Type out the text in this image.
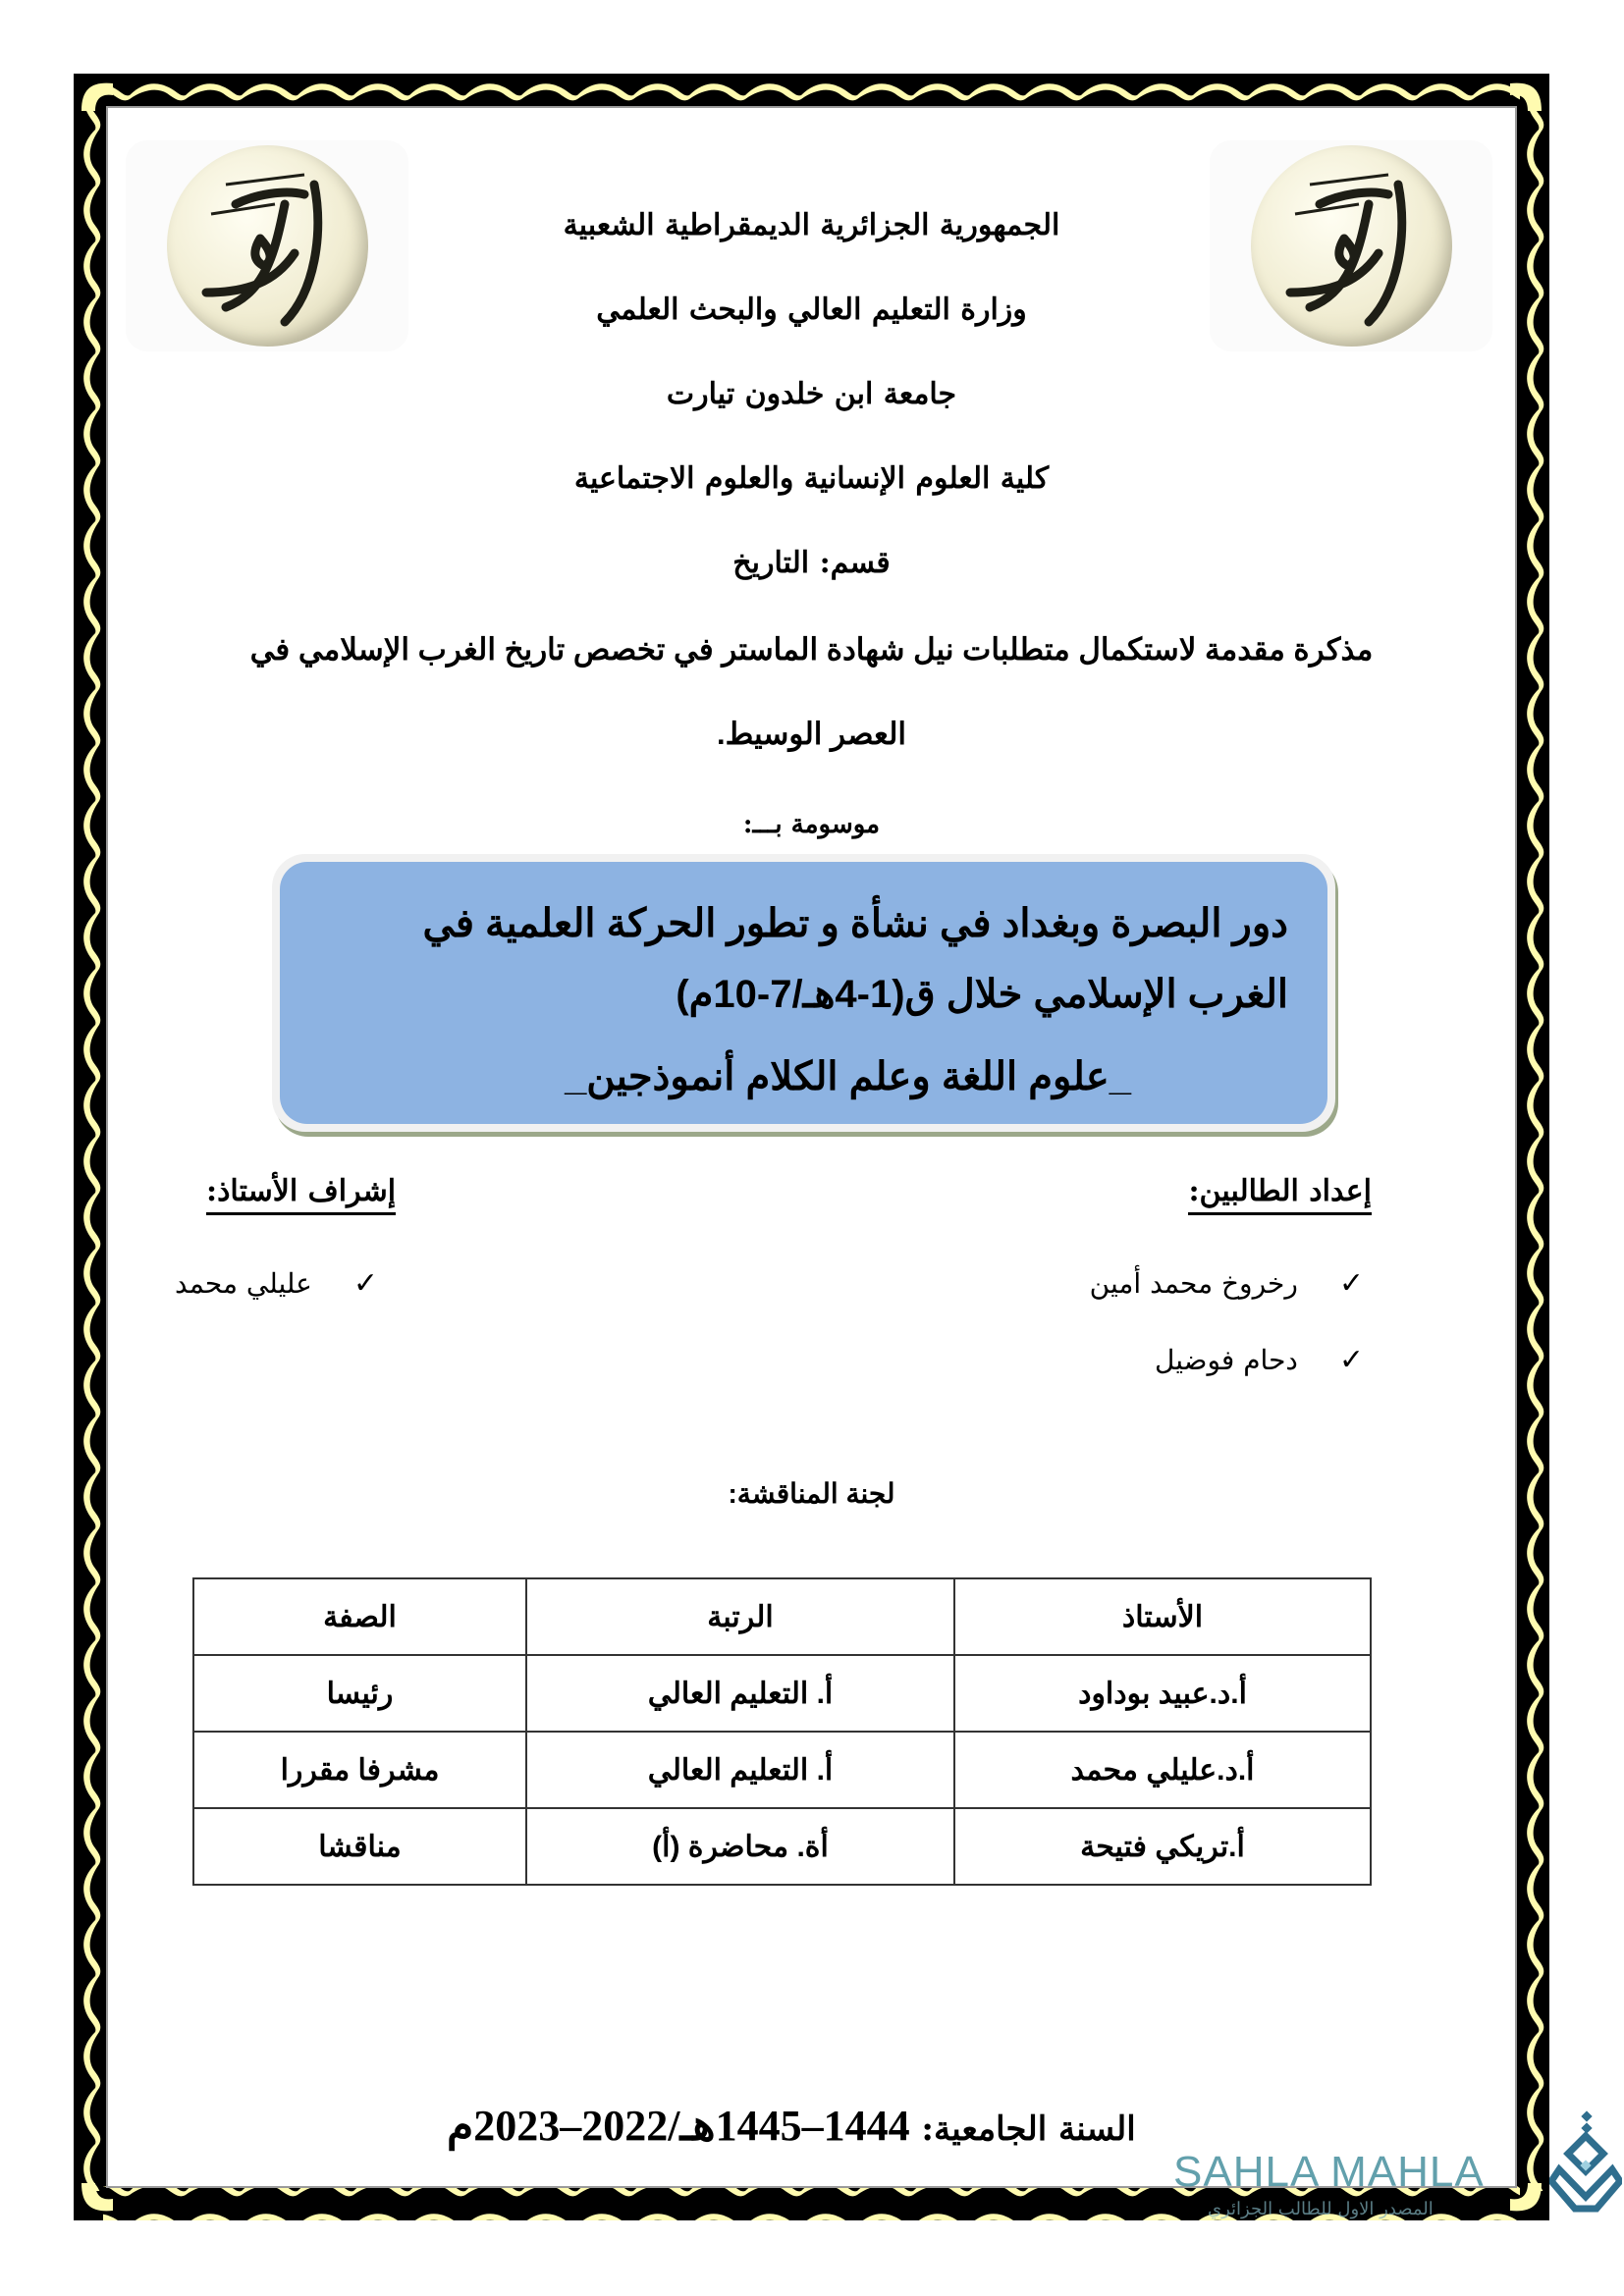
الجمهورية الجزائرية الديمقراطية الشعبية
وزارة التعليم العالي والبحث العلمي
جامعة ابن خلدون تيارت
كلية العلوم الإنسانية والعلوم الاجتماعية
قسم: التاريخ
مذكرة مقدمة لاستكمال متطلبات نيل شهادة الماستر في تخصص تاريخ الغرب الإسلامي في
العصر الوسيط.
موسومة بـــ:
دور البصرة وبغداد في نشأة و تطور الحركة العلمية في
الغرب الإسلامي خلال ق(1-4هـ/7-10م)
_علوم اللغة وعلم الكلام أنموذجين_
إعداد الطالبين:
إشراف الأستاذ:
✓
رخروخ محمد أمين
✓
دحام فوضيل
✓
عليلي محمد
لجنة المناقشة:
الأستاذ	الرتبة	الصفة
أ.د.عبيد بوداود	أ. التعليم العالي	رئيسا
أ.د.عليلي محمد	أ. التعليم العالي	مشرفا مقررا
أ.تريكي فتيحة	أة. محاضرة (أ)	مناقشا
السنة الجامعية: 1444–1445هـ/2022–2023م
SAHLA MAHLA
المصدر الاول للطالب الجزائري
